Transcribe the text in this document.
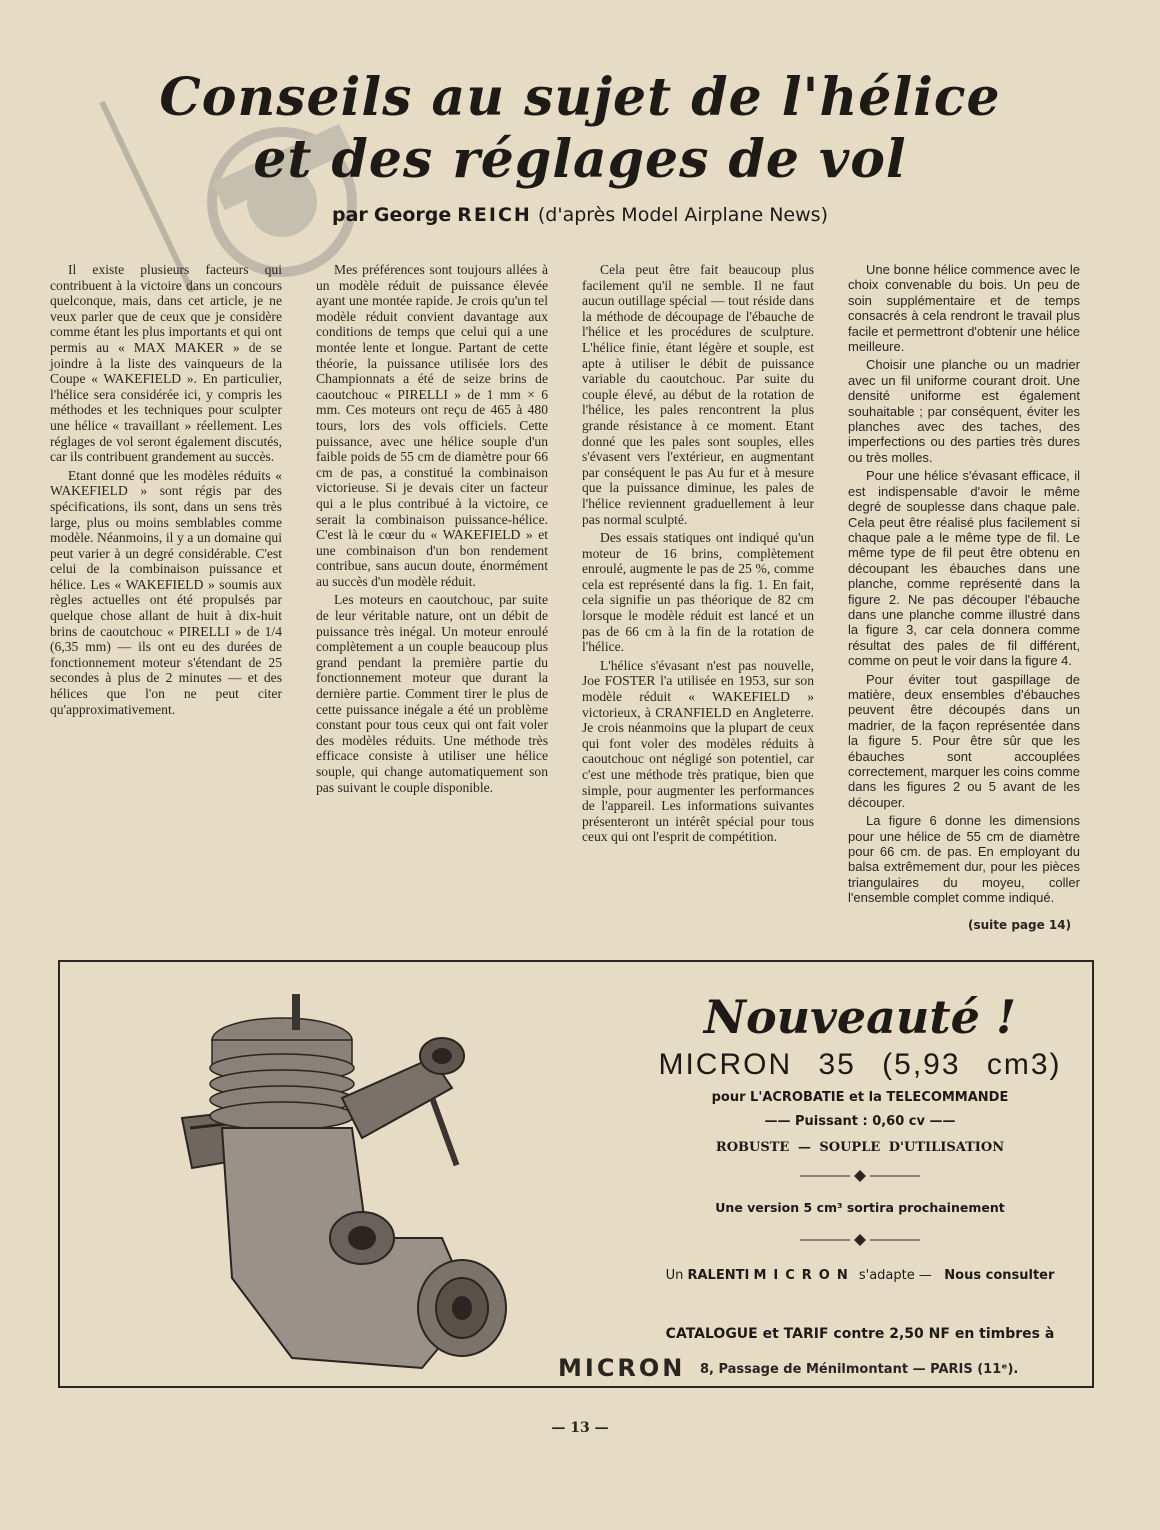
Conseils au sujet de l'hélice
et des réglages de vol
par George REICH (d'après Model Airplane News)

Il existe plusieurs facteurs qui contribuent à la victoire dans un concours quelconque, mais, dans cet article, je ne veux parler que de ceux que je considère comme étant les plus importants et qui ont permis au « MAX MAKER » de se joindre à la liste des vainqueurs de la Coupe « WAKEFIELD ». En particulier, l'hélice sera considérée ici, y compris les méthodes et les techniques pour sculpter une hélice « travaillant » réellement. Les réglages de vol seront également discutés, car ils contribuent grandement au succès.

Etant donné que les modèles réduits « WAKEFIELD » sont régis par des spécifications, ils sont, dans un sens très large, plus ou moins semblables comme modèle. Néanmoins, il y a un domaine qui peut varier à un degré considérable. C'est celui de la combinaison puissance et hélice. Les « WAKEFIELD » soumis aux règles actuelles ont été propulsés par quelque chose allant de huit à dix-huit brins de caoutchouc « PIRELLI » de 1/4 (6,35 mm) — ils ont eu des durées de fonctionnement moteur s'étendant de 25 secondes à plus de 2 minutes — et des hélices que l'on ne peut citer qu'approximativement.

Mes préférences sont toujours allées à un modèle réduit de puissance élevée ayant une montée rapide. Je crois qu'un tel modèle réduit convient davantage aux conditions de temps que celui qui a une montée lente et longue. Partant de cette théorie, la puissance utilisée lors des Championnats a été de seize brins de caoutchouc « PIRELLI » de 1 mm × 6 mm. Ces moteurs ont reçu de 465 à 480 tours, lors des vols officiels. Cette puissance, avec une hélice souple d'un faible poids de 55 cm de diamètre pour 66 cm de pas, a constitué la combinaison victorieuse. Si je devais citer un facteur qui a le plus contribué à la victoire, ce serait la combinaison puissance-hélice. C'est là le cœur du « WAKEFIELD » et une combinaison d'un bon rendement contribue, sans aucun doute, énormément au succès d'un modèle réduit.

Les moteurs en caoutchouc, par suite de leur véritable nature, ont un débit de puissance très inégal. Un moteur enroulé complètement a un couple beaucoup plus grand pendant la première partie du fonctionnement moteur que durant la dernière partie. Comment tirer le plus de cette puissance inégale a été un problème constant pour tous ceux qui ont fait voler des modèles réduits. Une méthode très efficace consiste à utiliser une hélice souple, qui change automatiquement son pas suivant le couple disponible.

Cela peut être fait beaucoup plus facilement qu'il ne semble. Il ne faut aucun outillage spécial — tout réside dans la méthode de découpage de l'ébauche de l'hélice et les procédures de sculpture. L'hélice finie, étant légère et souple, est apte à utiliser le débit de puissance variable du caoutchouc. Par suite du couple élevé, au début de la rotation de l'hélice, les pales rencontrent la plus grande résistance à ce moment. Etant donné que les pales sont souples, elles s'évasent vers l'extérieur, en augmentant par conséquent le pas Au fur et à mesure que la puissance diminue, les pales de l'hélice reviennent graduellement à leur pas normal sculpté.

Des essais statiques ont indiqué qu'un moteur de 16 brins, complètement enroulé, augmente le pas de 25 %, comme cela est représenté dans la fig. 1. En fait, cela signifie un pas théorique de 82 cm lorsque le modèle réduit est lancé et un pas de 66 cm à la fin de la rotation de l'hélice.

L'hélice s'évasant n'est pas nouvelle, Joe FOSTER l'a utilisée en 1953, sur son modèle réduit « WAKEFIELD » victorieux, à CRANFIELD en Angleterre. Je crois néanmoins que la plupart de ceux qui font voler des modèles réduits à caoutchouc ont négligé son potentiel, car c'est une méthode très pratique, bien que simple, pour augmenter les performances de l'appareil. Les informations suivantes présenteront un intérêt spécial pour tous ceux qui ont l'esprit de compétition.

Une bonne hélice commence avec le choix convenable du bois. Un peu de soin supplémentaire et de temps consacrés à cela rendront le travail plus facile et permettront d'obtenir une hélice meilleure.

Choisir une planche ou un madrier avec un fil uniforme courant droit. Une densité uniforme est également souhaitable ; par conséquent, éviter les planches avec des taches, des imperfections ou des parties très dures ou très molles.

Pour une hélice s'évasant efficace, il est indispensable d'avoir le même degré de souplesse dans chaque pale. Cela peut être réalisé plus facilement si chaque pale a le même type de fil. Le même type de fil peut être obtenu en découpant les ébauches dans une planche, comme représenté dans la figure 2. Ne pas découper l'ébauche dans une planche comme illustré dans la figure 3, car cela donnera comme résultat des pales de fil différent, comme on peut le voir dans la figure 4.

Pour éviter tout gaspillage de matière, deux ensembles d'ébauches peuvent être découpés dans un madrier, de la façon représentée dans la figure 5. Pour être sûr que les ébauches sont accouplées correctement, marquer les coins comme dans les figures 2 ou 5 avant de les découper.

La figure 6 donne les dimensions pour une hélice de 55 cm de diamètre pour 66 cm. de pas. En employant du balsa extrêmement dur, pour les pièces triangulaires du moyeu, coller l'ensemble complet comme indiqué.

(suite page 14)
Nouveauté !
MICRON 35 (5,93 cm3)
pour L'ACROBATIE et la TELECOMMANDE
—— Puissant : 0,60 cv ——
ROBUSTE — SOUPLE D'UTILISATION
Une version 5 cm³ sortira prochainement
Un RALENTI MICRON s'adapte — Nous consulter
CATALOGUE et TARIF contre 2,50 NF en timbres à
MICRON 8, Passage de Ménilmontant — PARIS (11ᵉ).
— 13 —
